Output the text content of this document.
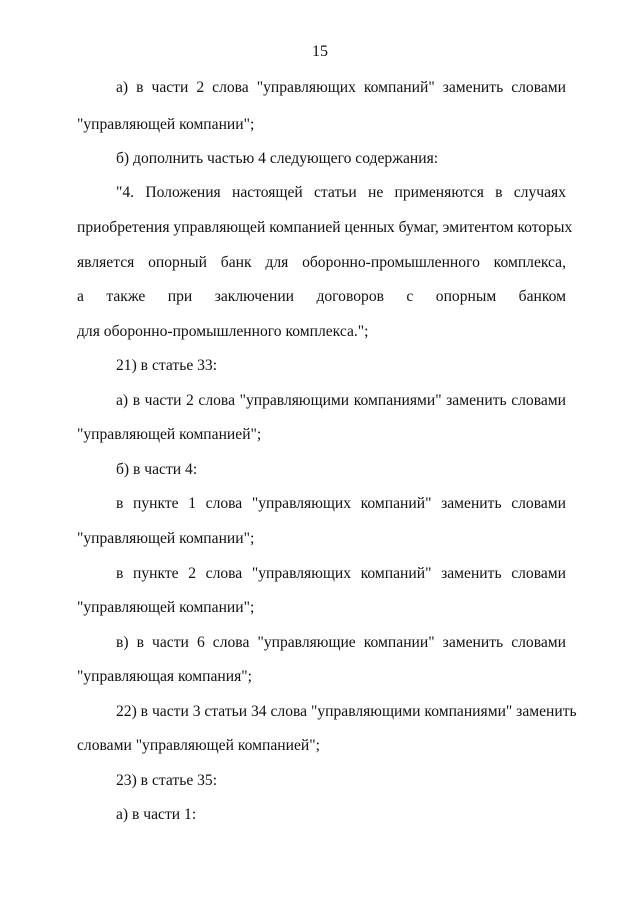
15
а) в части 2 слова "управляющих компаний" заменить словами
"управляющей компании";
б) дополнить частью 4 следующего содержания:
"4. Положения настоящей статьи не применяются в случаях
приобретения управляющей компанией ценных бумаг, эмитентом которых
является опорный банк для оборонно-промышленного комплекса,
а также при заключении договоров с опорным банком
для оборонно-промышленного комплекса.";
21) в статье 33:
а) в части 2 слова "управляющими компаниями" заменить словами
"управляющей компанией";
б) в части 4:
в пункте 1 слова "управляющих компаний" заменить словами
"управляющей компании";
в пункте 2 слова "управляющих компаний" заменить словами
"управляющей компании";
в) в части 6 слова "управляющие компании" заменить словами
"управляющая компания";
22) в части 3 статьи 34 слова "управляющими компаниями" заменить
словами "управляющей компанией";
23) в статье 35:
а) в части 1:
